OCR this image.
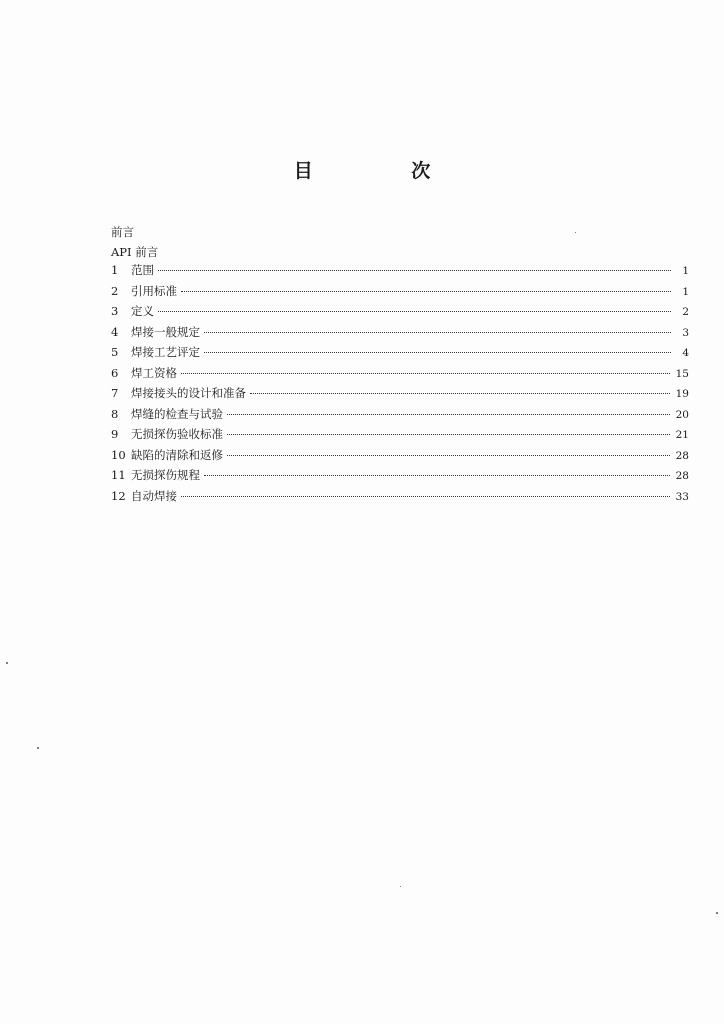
目 次
前言
API 前言
1	范围	1
2	引用标准	1
3	定义	2
4	焊接一般规定	3
5	焊接工艺评定	4
6	焊工资格	15
7	焊接接头的设计和准备	19
8	焊缝的检查与试验	20
9	无损探伤验收标准	21
10 缺陷的清除和返修	28
11 无损探伤规程	28
12 自动焊接	33
